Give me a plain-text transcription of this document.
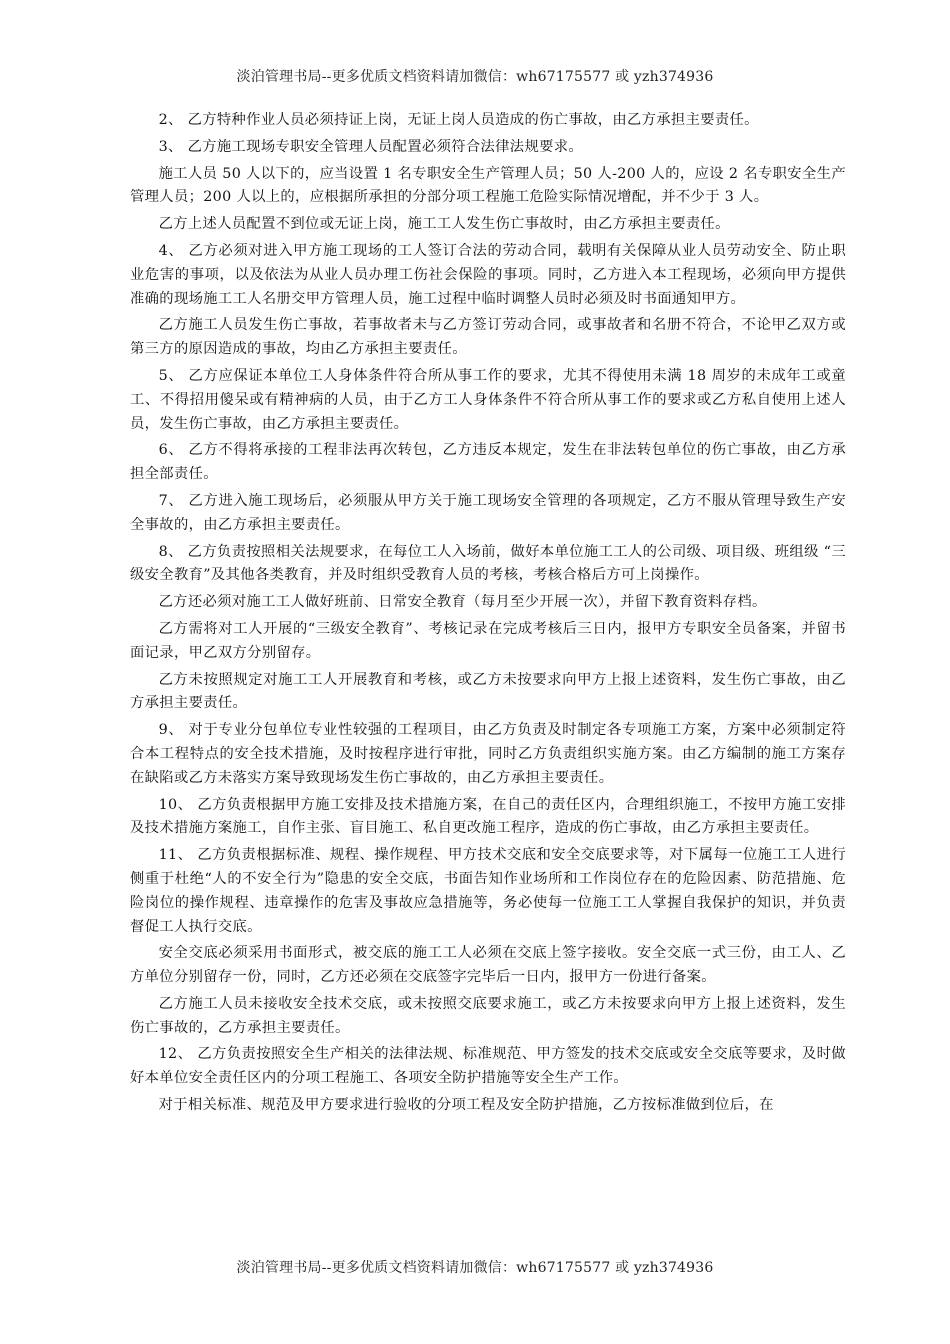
淡泊管理书局--更多优质文档资料请加微信：wh67175577 或 yzh374936

2、 乙方特种作业人员必须持证上岗，无证上岗人员造成的伤亡事故，由乙方承担主要责任。

3、 乙方施工现场专职安全管理人员配置必须符合法律法规要求。

施工人员 50 人以下的，应当设置 1 名专职安全生产管理人员；50 人-200 人的，应设 2 名专职安全生产管理人员；200 人以上的，应根据所承担的分部分项工程施工危险实际情况增配，并不少于 3 人。

乙方上述人员配置不到位或无证上岗，施工工人发生伤亡事故时，由乙方承担主要责任。

4、 乙方必须对进入甲方施工现场的工人签订合法的劳动合同，载明有关保障从业人员劳动安全、防止职业危害的事项，以及依法为从业人员办理工伤社会保险的事项。同时，乙方进入本工程现场，必须向甲方提供准确的现场施工工人名册交甲方管理人员，施工过程中临时调整人员时必须及时书面通知甲方。

乙方施工人员发生伤亡事故，若事故者未与乙方签订劳动合同，或事故者和名册不符合，不论甲乙双方或第三方的原因造成的事故，均由乙方承担主要责任。

5、 乙方应保证本单位工人身体条件符合所从事工作的要求，尤其不得使用未满 18 周岁的未成年工或童工、不得招用傻呆或有精神病的人员，由于乙方工人身体条件不符合所从事工作的要求或乙方私自使用上述人员，发生伤亡事故，由乙方承担主要责任。

6、 乙方不得将承接的工程非法再次转包，乙方违反本规定，发生在非法转包单位的伤亡事故，由乙方承担全部责任。

7、 乙方进入施工现场后，必须服从甲方关于施工现场安全管理的各项规定，乙方不服从管理导致生产安全事故的，由乙方承担主要责任。

8、 乙方负责按照相关法规要求，在每位工人入场前，做好本单位施工工人的公司级、项目级、班组级 “三级安全教育”及其他各类教育，并及时组织受教育人员的考核，考核合格后方可上岗操作。

乙方还必须对施工工人做好班前、日常安全教育（每月至少开展一次），并留下教育资料存档。

乙方需将对工人开展的“三级安全教育”、考核记录在完成考核后三日内，报甲方专职安全员备案，并留书面记录，甲乙双方分别留存。

乙方未按照规定对施工工人开展教育和考核，或乙方未按要求向甲方上报上述资料，发生伤亡事故，由乙方承担主要责任。

9、 对于专业分包单位专业性较强的工程项目，由乙方负责及时制定各专项施工方案，方案中必须制定符合本工程特点的安全技术措施，及时按程序进行审批，同时乙方负责组织实施方案。由乙方编制的施工方案存在缺陷或乙方未落实方案导致现场发生伤亡事故的，由乙方承担主要责任。

10、 乙方负责根据甲方施工安排及技术措施方案，在自己的责任区内，合理组织施工，不按甲方施工安排及技术措施方案施工，自作主张、盲目施工、私自更改施工程序，造成的伤亡事故，由乙方承担主要责任。

11、 乙方负责根据标准、规程、操作规程、甲方技术交底和安全交底要求等，对下属每一位施工工人进行侧重于杜绝“人的不安全行为”隐患的安全交底，书面告知作业场所和工作岗位存在的危险因素、防范措施、危险岗位的操作规程、违章操作的危害及事故应急措施等，务必使每一位施工工人掌握自我保护的知识，并负责督促工人执行交底。

安全交底必须采用书面形式，被交底的施工工人必须在交底上签字接收。安全交底一式三份，由工人、乙方单位分别留存一份，同时，乙方还必须在交底签字完毕后一日内，报甲方一份进行备案。

乙方施工人员未接收安全技术交底，或未按照交底要求施工，或乙方未按要求向甲方上报上述资料，发生伤亡事故的，乙方承担主要责任。

12、 乙方负责按照安全生产相关的法律法规、标准规范、甲方签发的技术交底或安全交底等要求，及时做好本单位安全责任区内的分项工程施工、各项安全防护措施等安全生产工作。

对于相关标准、规范及甲方要求进行验收的分项工程及安全防护措施，乙方按标准做到位后，在

淡泊管理书局--更多优质文档资料请加微信：wh67175577 或 yzh374936
